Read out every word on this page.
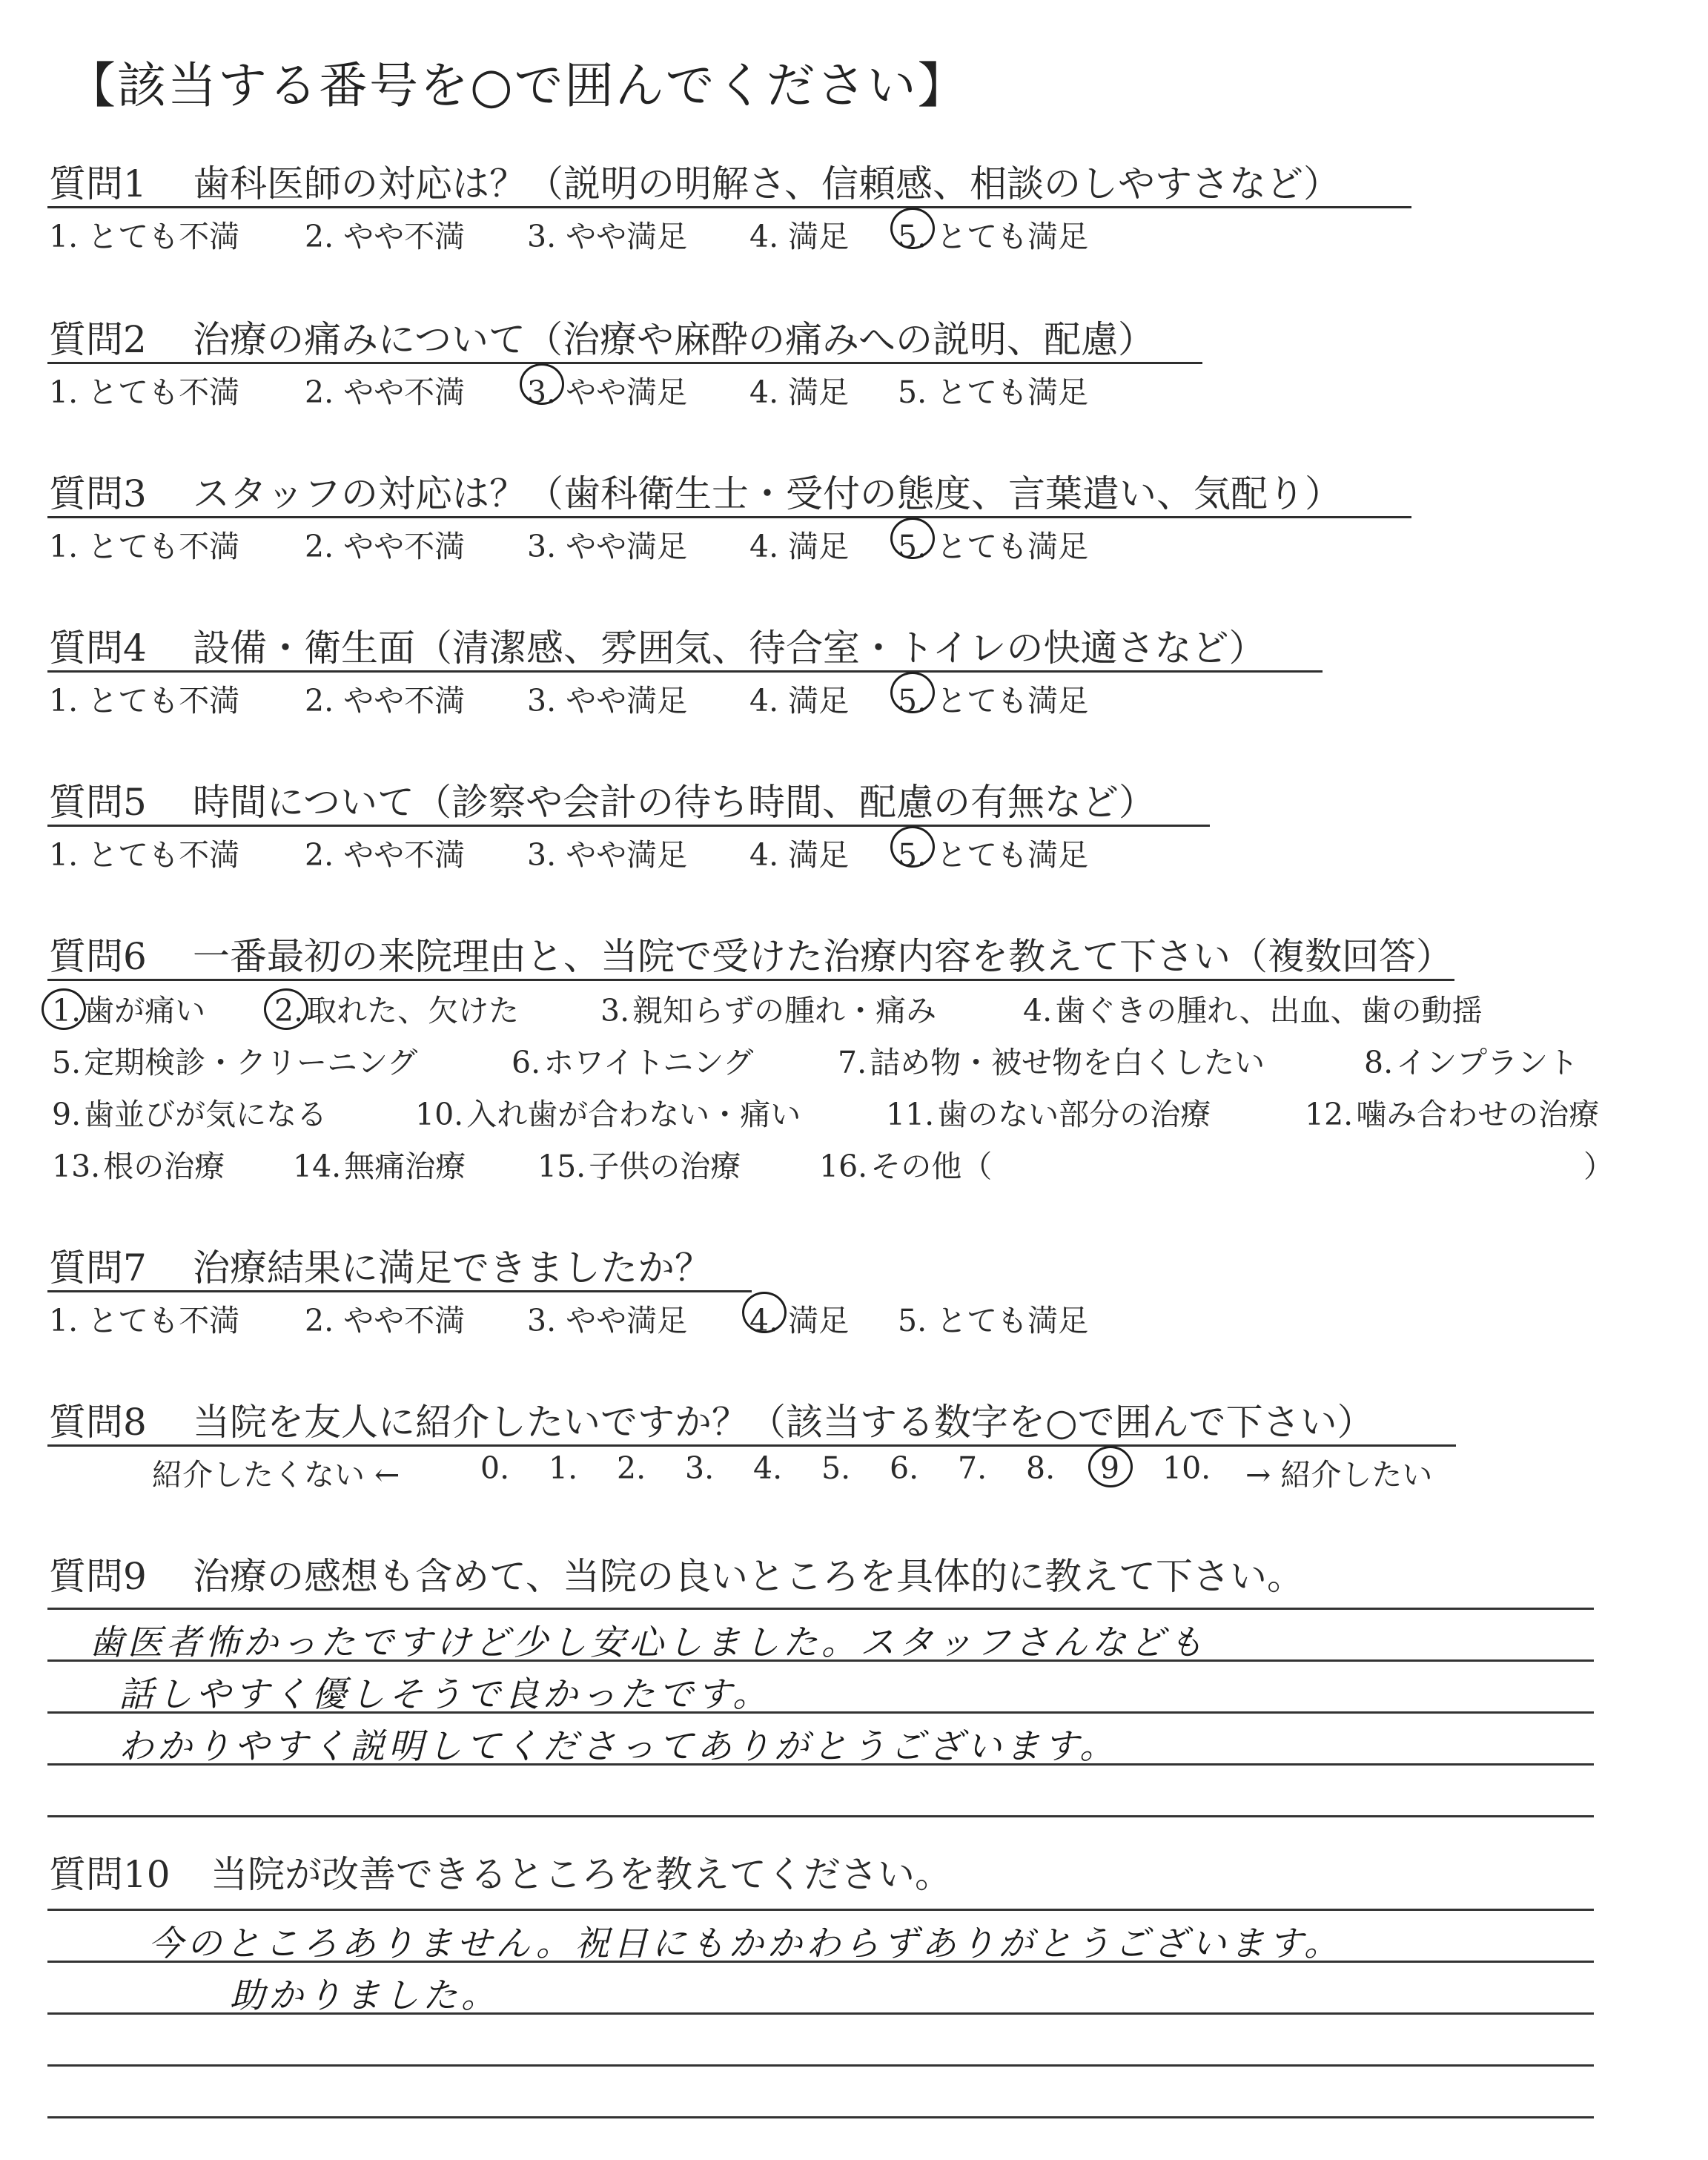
【該当する番号を○で囲んでください】
質問1 歯科医師の対応は？（説明の明解さ、信頼感、相談のしやすさなど）
1. とても不満 2. やや不満 3. やや満足 4. 満足 5. とても満足
質問2 治療の痛みについて（治療や麻酔の痛みへの説明、配慮）
1. とても不満 2. やや不満 3. やや満足 4. 満足 5. とても満足
質問3 スタッフの対応は？（歯科衛生士・受付の態度、言葉遣い、気配り）
1. とても不満 2. やや不満 3. やや満足 4. 満足 5. とても満足
質問4 設備・衛生面（清潔感、雰囲気、待合室・トイレの快適さなど）
1. とても不満 2. やや不満 3. やや満足 4. 満足 5. とても満足
質問5 時間について（診察や会計の待ち時間、配慮の有無など）
1. とても不満 2. やや不満 3. やや満足 4. 満足 5. とても満足
質問6 一番最初の来院理由と、当院で受けた治療内容を教えて下さい（複数回答）
1.歯が痛い 2.取れた、欠けた	3.親知らずの腫れ・痛み	4.歯ぐきの腫れ、出血、歯の動揺
5.定期検診・クリーニング	6.ホワイトニング	7.詰め物・被せ物を白くしたい	8.インプラント
9.歯並びが気になる	10.入れ歯が合わない・痛い	11.歯のない部分の治療	12.噛み合わせの治療
13.根の治療 14.無痛治療 15.子供の治療	16.その他（	）
質問7 治療結果に満足できましたか？
1. とても不満 2. やや不満 3. やや満足 4. 満足 5. とても満足
質問8 当院を友人に紹介したいですか？（該当する数字を○で囲んで下さい）
紹介したくない ←	0. 1. 2. 3. 4. 5. 6. 7. 8. 9 10. → 紹介したい
質問9 治療の感想も含めて、当院の良いところを具体的に教えて下さい。
歯医者怖かったですけど少し安心しました。スタッフさんなども
話しやすく優しそうで良かったです。
わかりやすく説明してくださってありがとうございます。
質問10 当院が改善できるところを教えてください。
今のところありません。祝日にもかかわらずありがとうございます。
助かりました。
